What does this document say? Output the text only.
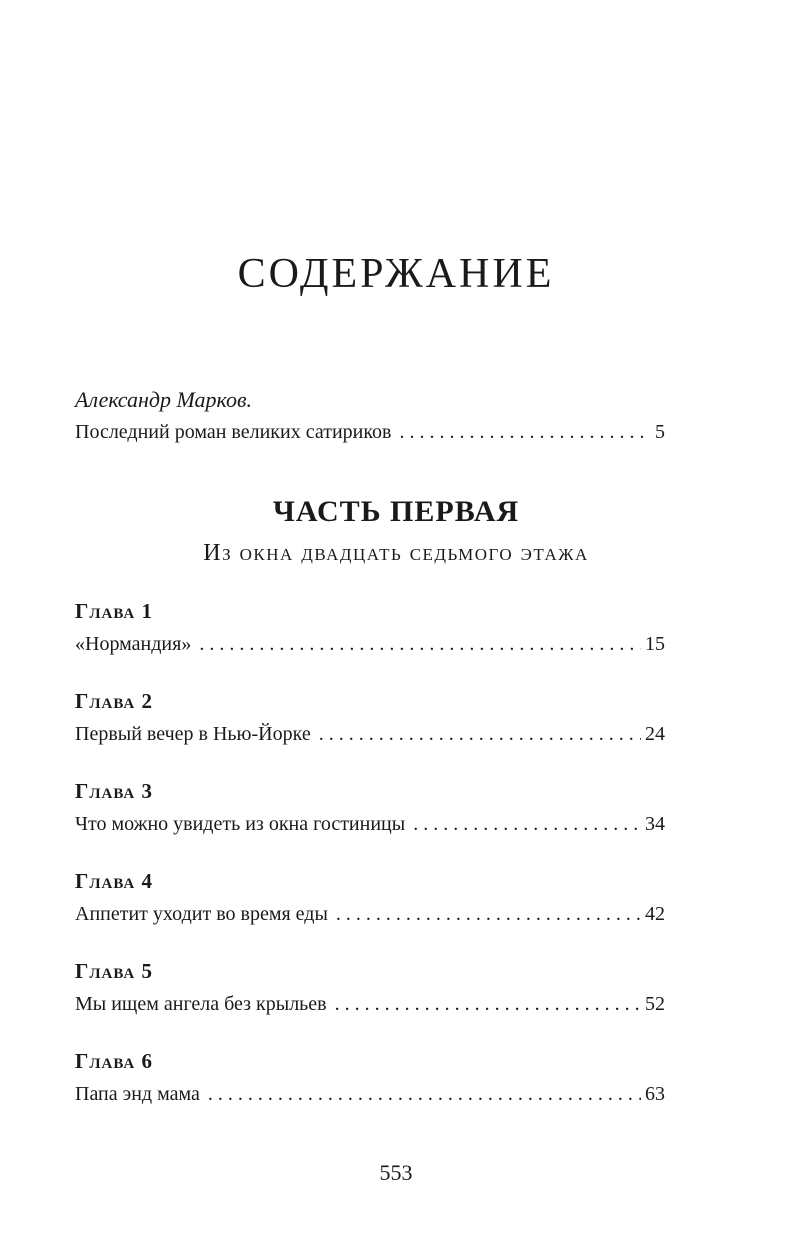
СОДЕРЖАНИЕ
Александр Марков.
Последний роман великих сатириков . . .	5
ЧАСТЬ ПЕРВАЯ
Из окна двадцать седьмого этажа
Глава 1
«Нормандия» . . .	15
Глава 2
Первый вечер в Нью-Йорке . . .	24
Глава 3
Что можно увидеть из окна гостиницы . . .	34
Глава 4
Аппетит уходит во время еды . . .	42
Глава 5
Мы ищем ангела без крыльев . . .	52
Глава 6
Папа энд мама . . .	63
553
